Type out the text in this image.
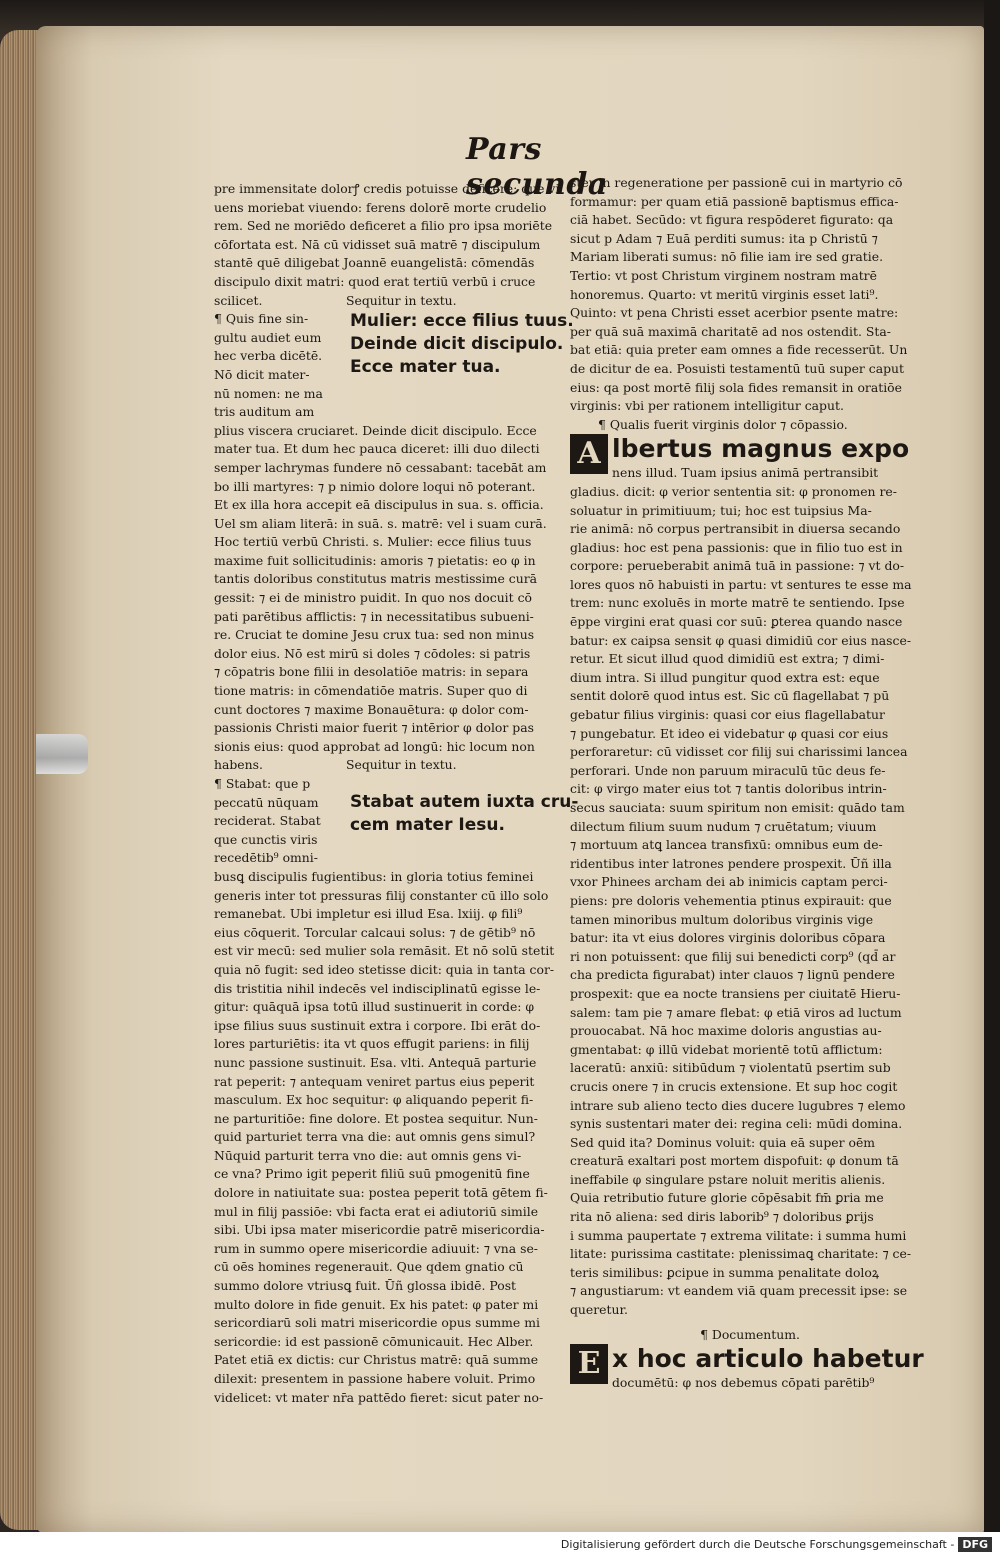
Pars secunda
pre immensitate dolorꝭ credis potuisse deficere: que vi
uens moriebat viuendo: ferens dolorē morte crudelio
rem. Sed ne moriēdo deficeret a filio pro ipsa moriēte
cōfortata est. Nā cū vidisset suā matrē ⁊ discipulum
stantē quē diligebat Joannē euangelistā: cōmendās
discipulo dixit matri: quod erat tertiū verbū i cruce
scilicet.	Sequitur in textu.
¶ Quis fine sin-
gultu audiet eum
hec verba dicētē.
Nō dicit mater-
nū nomen: ne ma
tris auditum am
Mulier: ecce filius tuus.
Deinde dicit discipulo.
Ecce mater tua.
plius viscera cruciaret. Deinde dicit discipulo. Ecce
mater tua. Et dum hec pauca diceret: illi duo dilecti
semper lachrymas fundere nō cessabant: tacebāt am
bo illi martyres: ⁊ p nimio dolore loqui nō poterant.
Et ex illa hora accepit eā discipulus in sua. s. officia.
Uel sm aliam literā: in suā. s. matrē: vel i suam curā.
Hoc tertiū verbū Christi. s. Mulier: ecce filius tuus
maxime fuit sollicitudinis: amoris ⁊ pietatis: eo φ in
tantis doloribus constitutus matris mestissime curā
gessit: ⁊ ei de ministro puidit. In quo nos docuit cō
pati parētibus afflictis: ⁊ in necessitatibus subueni-
re. Cruciat te domine Jesu crux tua: sed non minus
dolor eius. Nō est mirū si doles ⁊ cōdoles: si patris
⁊ cōpatris bone filii in desolatiōe matris: in separa
tione matris: in cōmendatiōe matris. Super quo di
cunt doctores ⁊ maxime Bonauētura: φ dolor com-
passionis Christi maior fuerit ⁊ intērior φ dolor pas
sionis eius: quod approbat ad longū: hic locum non
habens.	Sequitur in textu.
¶ Stabat: que p
peccatū nūquam
reciderat. Stabat
que cunctis viris
recedētib⁹ omni-
Stabat autem iuxta cru-
cem mater Iesu.
busꝗ discipulis fugientibus: in gloria totius feminei
generis inter tot pressuras filij constanter cū illo solo
remanebat. Ubi impletur esi illud Esa. lxiij. φ fili⁹
eius cōquerit. Torcular calcaui solus: ⁊ de gētib⁹ nō
est vir mecū: sed mulier sola remāsit. Et nō solū stetit
quia nō fugit: sed ideo stetisse dicit: quia in tanta cor-
dis tristitia nihil indecēs vel indisciplinatū egisse le-
gitur: quāquā ipsa totū illud sustinuerit in corde: φ
ipse filius suus sustinuit extra i corpore. Ibi erāt do-
lores parturiētis: ita vt quos effugit pariens: in filij
nunc passione sustinuit. Esa. vlti. Antequā parturie
rat peperit: ⁊ antequam veniret partus eius peperit
masculum. Ex hoc sequitur: φ aliquando peperit fi-
ne parturitiōe: fine dolore. Et postea sequitur. Nun-
quid parturiet terra vna die: aut omnis gens simul?
Nūquid parturit terra vno die: aut omnis gens vi-
ce vna? Primo igit peperit filiū suū pmogenitū fine
dolore in natiuitate sua: postea peperit totā gētem fi-
mul in filij passiōe: vbi facta erat ei adiutoriū simile
sibi. Ubi ipsa mater misericordie patrē misericordia-
rum in summo opere misericordie adiuuit: ⁊ vna se-
cū oēs homines regenerauit. Que qdem gnatio cū
summo dolore vtriusꝗ fuit. Ūñ glossa ibidē. Post
multo dolore in fide genuit. Ex his patet: φ pater mi
sericordiarū soli matri misericordie opus summe mi
sericordie: id est passionē cōmunicauit. Hec Alber.
Patet etiā ex dictis: cur Christus matrē: quā summe
dilexit: presentem in passione habere voluit. Primo
videlicet: vt mater nr̄a pattēdo fieret: sicut pater no-
ster in regeneratione per passionē cui in martyrio cō
formamur: per quam etiā passionē baptismus effica-
ciā habet. Secūdo: vt figura respōderet figurato: qa
sicut p Adam ⁊ Euā perditi sumus: ita p Christū ⁊
Mariam liberati sumus: nō filie iam ire sed gratie.
Tertio: vt post Christum virginem nostram matrē
honoremus. Quarto: vt meritū virginis esset lati⁹.
Quinto: vt pena Christi esset acerbior psente matre:
per quā suā maximā charitatē ad nos ostendit. Sta-
bat etiā: quia preter eam omnes a fide recesserūt. Un
de dicitur de ea. Posuisti testamentū tuū super caput
eius: qa post mortē filij sola fides remansit in oratiōe
virginis: vbi per rationem intelligitur caput.
¶ Qualis fuerit virginis dolor ⁊ cōpassio.
A lbertus magnus expo
nens illud. Tuam ipsius animā pertransibit
gladius. dicit: φ verior sententia sit: φ pronomen re-
soluatur in primitiuum; tui; hoc est tuipsius Ma-
rie animā: nō corpus pertransibit in diuersa secando
gladius: hoc est pena passionis: que in filio tuo est in
corpore: perueberabit animā tuā in passione: ⁊ vt do-
lores quos nō habuisti in partu: vt sentures te esse ma
trem: nunc exoluēs in morte matrē te sentiendo. Ipse
ēppe virgini erat quasi cor suū: ꝑterea quando nasce
batur: ex caipsa sensit φ quasi dimidiū cor eius nasce-
retur. Et sicut illud quod dimidiū est extra; ⁊ dimi-
dium intra. Si illud pungitur quod extra est: eque
sentit dolorē quod intus est. Sic cū flagellabat ⁊ pū
gebatur filius virginis: quasi cor eius flagellabatur
⁊ pungebatur. Et ideo ei videbatur φ quasi cor eius
perforaretur: cū vidisset cor filij sui charissimi lancea
perforari. Unde non paruum miraculū tūc deus fe-
cit: φ virgo mater eius tot ⁊ tantis doloribus intrin-
secus sauciata: suum spiritum non emisit: quādo tam
dilectum filium suum nudum ⁊ cruētatum; viuum
⁊ mortuum atꝗ lancea transfixū: omnibus eum de-
ridentibus inter latrones pendere prospexit. Ūñ illa
vxor Phinees archam dei ab inimicis captam perci-
piens: pre doloris vehementia ptinus expirauit: que
tamen minoribus multum doloribus virginis vige
batur: ita vt eius dolores virginis doloribus cōpara
ri non potuissent: que filij sui benedicti corp⁹ (qd̄ ar
cha predicta figurabat) inter clauos ⁊ lignū pendere
prospexit: que ea nocte transiens per ciuitatē Hieru-
salem: tam pie ⁊ amare flebat: φ etiā viros ad luctum
prouocabat. Nā hoc maxime doloris angustias au-
gmentabat: φ illū videbat morientē totū afflictum:
laceratū: anxiū: sitibūdum ⁊ violentatū psertim sub
crucis onere ⁊ in crucis extensione. Et sup hoc cogit
intrare sub alieno tecto dies ducere lugubres ⁊ elemo
synis sustentari mater dei: regina celi: mūdi domina.
Sed quid ita? Dominus voluit: quia eā super oēm
creaturā exaltari post mortem dispofuit: φ donum tā
ineffabile φ singulare pstare noluit meritis alienis.
Quia retributio future glorie cōpēsabit fm̄ ꝑria me
rita nō aliena: sed diris laborib⁹ ⁊ doloribus ꝑrijs
i summa paupertate ⁊ extrema vilitate: i summa humi
litate: purissima castitate: plenissimaꝗ charitate: ⁊ ce-
teris similibus: ꝑcipue in summa penalitate doloꝝ
⁊ angustiarum: vt eandem viā quam precessit ipse: se
queretur.
¶ Documentum.
E x hoc articulo habetur
documētū: φ nos debemus cōpati parētib⁹
Digitalisierung gefördert durch die Deutsche Forschungsgemeinschaft - DFG
